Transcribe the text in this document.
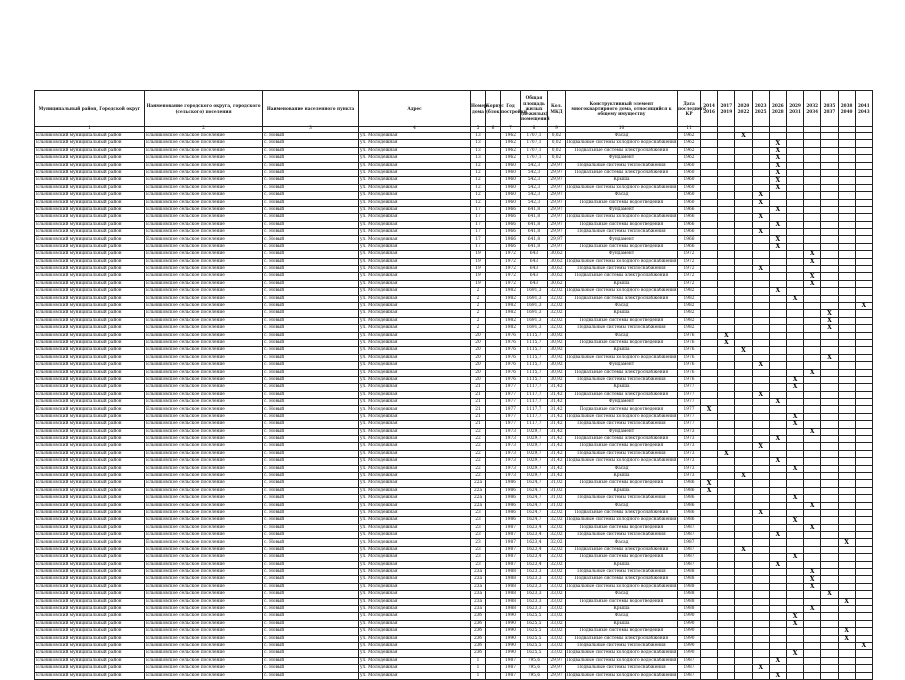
Муниципальный район, Городской округ	Наименование городского округа, городского (сельского) поселения	Наименование населенного пункта	Адрес	Номер дома	Корпус (блок)	Год постройки	Общая площадь жилых (нежилых) помещений	Кол. МКД	Конструктивный элемент многоквартирного дома, относящийся к общему имуществу	Дата последнего КР	2014 2016	2017 2019	2020 2022	2023 2025	2026 2028	2029 2031	2032 2034	2035 2037	2038 2040	2041 2043
1	2	3	4	5	6	7	8	9	10	11										
Ельниковский муниципальный район	Ельниковское сельское поселение	с. Новый	ул. Молодежная	13		1962	1707,1	0,02	Фасад	1962			X							
Ельниковский муниципальный район	Ельниковское сельское поселение	с. Новый	ул. Молодежная	13		1962	1707,1	0,02	Подвальные системы холодного водоснабжения	1962					X					
Ельниковский муниципальный район	Ельниковское сельское поселение	с. Новый	ул. Молодежная	13		1962	1707,1	0,02	Подвальные системы электроснабжения	1962					X					
Ельниковский муниципальный район	Ельниковское сельское поселение	с. Новый	ул. Молодежная	13		1962	1707,1	0,02	Фундамент	1962					X					
Ельниковский муниципальный район	Ельниковское сельское поселение	с. Новый	ул. Молодежная	12		1960	542,3	29,97	Подвальные системы теплоснабжения	1960					X					
Ельниковский муниципальный район	Ельниковское сельское поселение	с. Новый	ул. Молодежная	12		1960	542,3	29,97	Подвальные системы электроснабжения	1960					X					
Ельниковский муниципальный район	Ельниковское сельское поселение	с. Новый	ул. Молодежная	12		1960	542,3	29,97	Крыша	1960					X					
Ельниковский муниципальный район	Ельниковское сельское поселение	с. Новый	ул. Молодежная	12		1960	542,3	29,97	Подвальные системы холодного водоснабжения	1960					X					
Ельниковский муниципальный район	Ельниковское сельское поселение	с. Новый	ул. Молодежная	12		1960	542,3	29,97	Фасад	1960				X						
Ельниковский муниципальный район	Ельниковское сельское поселение	с. Новый	ул. Молодежная	12		1960	542,3	29,97	Подвальные системы водоотведения	1960				X						
Ельниковский муниципальный район	Ельниковское сельское поселение	с. Новый	ул. Молодежная	17		1966	641,8	29,97	Фундамент	1966					X					
Ельниковский муниципальный район	Ельниковское сельское поселение	с. Новый	ул. Молодежная	17		1966	641,8	29,97	Подвальные системы холодного водоснабжения	1966				X						
Ельниковский муниципальный район	Ельниковское сельское поселение	с. Новый	ул. Молодежная	17		1966	641,8	29,97	Подвальные системы водоотведения	1966					X					
Ельниковский муниципальный район	Ельниковское сельское поселение	с. Новый	ул. Молодежная	17		1966	641,8	29,97	Подвальные системы теплоснабжения	1966				X						
Ельниковский муниципальный район	Ельниковское сельское поселение	с. Новый	ул. Молодежная	17		1966	641,8	29,97	Фундамент	1966					X					
Ельниковский муниципальный район	Ельниковское сельское поселение	с. Новый	ул. Молодежная	17		1966	641,8	29,97	Подвальные системы водоотведения	1966					X					
Ельниковский муниципальный район	Ельниковское сельское поселение	с. Новый	ул. Молодежная	19		1972	643	30,62	Фундамент	1972							X			
Ельниковский муниципальный район	Ельниковское сельское поселение	с. Новый	ул. Молодежная	19		1972	643	30,62	Подвальные системы холодного водоснабжения	1972							X			
Ельниковский муниципальный район	Ельниковское сельское поселение	с. Новый	ул. Молодежная	19		1972	643	30,62	Подвальные системы теплоснабжения	1972				X						
Ельниковский муниципальный район	Ельниковское сельское поселение	с. Новый	ул. Молодежная	19		1972	643	30,62	Подвальные системы электроснабжения	1972							X			
Ельниковский муниципальный район	Ельниковское сельское поселение	с. Новый	ул. Молодежная	19		1972	643	30,62	Крыша	1972							X			
Ельниковский муниципальный район	Ельниковское сельское поселение	с. Новый	ул. Молодежная	2		1982	1691,3	32,02	Подвальные системы холодного водоснабжения	1982					X					
Ельниковский муниципальный район	Ельниковское сельское поселение	с. Новый	ул. Молодежная	2		1982	1691,3	32,02	Подвальные системы электроснабжения	1982						X				
Ельниковский муниципальный район	Ельниковское сельское поселение	с. Новый	ул. Молодежная	2		1982	1691,3	32,02	Фасад	1982										X
Ельниковский муниципальный район	Ельниковское сельское поселение	с. Новый	ул. Молодежная	2		1982	1691,3	32,02	Крыша	1982								X		
Ельниковский муниципальный район	Ельниковское сельское поселение	с. Новый	ул. Молодежная	2		1982	1691,3	32,02	Подвальные системы водоотведения	1982								X		
Ельниковский муниципальный район	Ельниковское сельское поселение	с. Новый	ул. Молодежная	2		1982	1691,3	32,02	Подвальные системы теплоснабжения	1982								X		
Ельниковский муниципальный район	Ельниковское сельское поселение	с. Новый	ул. Молодежная	20		1976	1115,7	30,92	Фасад	1976		X								
Ельниковский муниципальный район	Ельниковское сельское поселение	с. Новый	ул. Молодежная	20		1976	1115,7	30,92	Подвальные системы водоотведения	1976		X								
Ельниковский муниципальный район	Ельниковское сельское поселение	с. Новый	ул. Молодежная	20		1976	1115,7	30,92	Крыша	1976			X							
Ельниковский муниципальный район	Ельниковское сельское поселение	с. Новый	ул. Молодежная	20		1976	1115,7	30,92	Подвальные системы холодного водоснабжения	1976								X		
Ельниковский муниципальный район	Ельниковское сельское поселение	с. Новый	ул. Молодежная	20		1976	1115,7	30,92	Фундамент	1976				X						
Ельниковский муниципальный район	Ельниковское сельское поселение	с. Новый	ул. Молодежная	20		1976	1115,7	30,92	Подвальные системы электроснабжения	1976							X			
Ельниковский муниципальный район	Ельниковское сельское поселение	с. Новый	ул. Молодежная	20		1976	1115,7	30,92	Подвальные системы теплоснабжения	1976						X				
Ельниковский муниципальный район	Ельниковское сельское поселение	с. Новый	ул. Молодежная	21		1977	1117,7	31,42	Крыша	1977						X				
Ельниковский муниципальный район	Ельниковское сельское поселение	с. Новый	ул. Молодежная	21		1977	1117,7	31,42	Подвальные системы электроснабжения	1977				X						
Ельниковский муниципальный район	Ельниковское сельское поселение	с. Новый	ул. Молодежная	21		1977	1117,7	31,42	Фундамент	1977					X					
Ельниковский муниципальный район	Ельниковское сельское поселение	с. Новый	ул. Молодежная	21		1977	1117,7	31,42	Подвальные системы водоотведения	1977	X									
Ельниковский муниципальный район	Ельниковское сельское поселение	с. Новый	ул. Молодежная	21		1977	1117,7	31,42	Подвальные системы холодного водоснабжения	1977						X				
Ельниковский муниципальный район	Ельниковское сельское поселение	с. Новый	ул. Молодежная	21		1977	1117,7	31,42	Подвальные системы теплоснабжения	1977						X				
Ельниковский муниципальный район	Ельниковское сельское поселение	с. Новый	ул. Молодежная	22		1973	1029,7	31,42	Фундамент	1973							X			
Ельниковский муниципальный район	Ельниковское сельское поселение	с. Новый	ул. Молодежная	22		1973	1029,7	31,42	Подвальные системы электроснабжения	1973					X					
Ельниковский муниципальный район	Ельниковское сельское поселение	с. Новый	ул. Молодежная	22		1973	1029,7	31,42	Подвальные системы водоотведения	1973				X						
Ельниковский муниципальный район	Ельниковское сельское поселение	с. Новый	ул. Молодежная	22		1973	1029,7	31,42	Подвальные системы теплоснабжения	1973		X								
Ельниковский муниципальный район	Ельниковское сельское поселение	с. Новый	ул. Молодежная	22		1973	1029,7	31,42	Подвальные системы холодного водоснабжения	1973					X					
Ельниковский муниципальный район	Ельниковское сельское поселение	с. Новый	ул. Молодежная	22		1973	1029,7	31,42	Фасад	1973						X				
Ельниковский муниципальный район	Ельниковское сельское поселение	с. Новый	ул. Молодежная	22		1973	1029,7	31,42	Крыша	1973			X							
Ельниковский муниципальный район	Ельниковское сельское поселение	с. Новый	ул. Молодежная	22а		1986	1624,7	31,02	Подвальные системы водоотведения	1986	X									
Ельниковский муниципальный район	Ельниковское сельское поселение	с. Новый	ул. Молодежная	22а		1986	1624,7	31,02	Крыша	1986	X									
Ельниковский муниципальный район	Ельниковское сельское поселение	с. Новый	ул. Молодежная	22а		1986	1624,7	31,02	Подвальные системы теплоснабжения	1986						X				
Ельниковский муниципальный район	Ельниковское сельское поселение	с. Новый	ул. Молодежная	22а		1986	1624,7	31,02	Фасад	1986							X			
Ельниковский муниципальный район	Ельниковское сельское поселение	с. Новый	ул. Молодежная	23		1986	1624,7	32,02	Подвальные системы электроснабжения	1986				X						
Ельниковский муниципальный район	Ельниковское сельское поселение	с. Новый	ул. Молодежная	23		1986	1624,7	32,02	Подвальные системы холодного водоснабжения	1986						X				
Ельниковский муниципальный район	Ельниковское сельское поселение	с. Новый	ул. Молодежная	23		1987	1623,4	32,02	Подвальные системы водоотведения	1987							X			
Ельниковский муниципальный район	Ельниковское сельское поселение	с. Новый	ул. Молодежная	23		1987	1623,4	32,02	Подвальные системы теплоснабжения	1987					X					
Ельниковский муниципальный район	Ельниковское сельское поселение	с. Новый	ул. Молодежная	23		1987	1623,4	32,02	Фасад	1987									X	
Ельниковский муниципальный район	Ельниковское сельское поселение	с. Новый	ул. Молодежная	23		1987	1623,4	32,02	Подвальные системы электроснабжения	1987			X							
Ельниковский муниципальный район	Ельниковское сельское поселение	с. Новый	ул. Молодежная	23		1987	1623,4	32,02	Подвальные системы водоотведения	1987						X				
Ельниковский муниципальный район	Ельниковское сельское поселение	с. Новый	ул. Молодежная	23		1987	1623,4	32,02	Крыша	1987					X					
Ельниковский муниципальный район	Ельниковское сельское поселение	с. Новый	ул. Молодежная	23а		1988	1623,3	33,02	Подвальные системы теплоснабжения	1988							X			
Ельниковский муниципальный район	Ельниковское сельское поселение	с. Новый	ул. Молодежная	23а		1988	1623,3	33,02	Подвальные системы электроснабжения	1988							X			
Ельниковский муниципальный район	Ельниковское сельское поселение	с. Новый	ул. Молодежная	23а		1988	1623,3	33,02	Подвальные системы холодного водоснабжения	1988							X			
Ельниковский муниципальный район	Ельниковское сельское поселение	с. Новый	ул. Молодежная	23а		1988	1623,3	33,02	Фасад	1988								X		
Ельниковский муниципальный район	Ельниковское сельское поселение	с. Новый	ул. Молодежная	23а		1988	1623,3	33,02	Подвальные системы водоотведения	1988									X	
Ельниковский муниципальный район	Ельниковское сельское поселение	с. Новый	ул. Молодежная	23а		1988	1623,3	33,02	Крыша	1988							X			
Ельниковский муниципальный район	Ельниковское сельское поселение	с. Новый	ул. Молодежная	23б		1990	1625,5	33,02	Фасад	1990						X				
Ельниковский муниципальный район	Ельниковское сельское поселение	с. Новый	ул. Молодежная	23б		1990	1625,5	33,02	Крыша	1990						X				
Ельниковский муниципальный район	Ельниковское сельское поселение	с. Новый	ул. Молодежная	23б		1990	1625,5	33,02	Подвальные системы водоотведения	1990									X	
Ельниковский муниципальный район	Ельниковское сельское поселение	с. Новый	ул. Молодежная	23б		1990	1625,5	33,02	Подвальные системы электроснабжения	1990									X	
Ельниковский муниципальный район	Ельниковское сельское поселение	с. Новый	ул. Молодежная	23б		1990	1625,5	33,02	Подвальные системы теплоснабжения	1990										X
Ельниковский муниципальный район	Ельниковское сельское поселение	с. Новый	ул. Молодежная	23б		1990	1625,5	33,02	Подвальные системы холодного водоснабжения	1990						X				
Ельниковский муниципальный район	Ельниковское сельское поселение	с. Новый	ул. Молодежная	1		1987	795,6	29,97	Подвальные системы холодного водоснабжения	1987					X					
Ельниковский муниципальный район	Ельниковское сельское поселение	с. Новый	ул. Молодежная	1		1987	795,6	29,97	Подвальные системы теплоснабжения	1987				X						
Ельниковский муниципальный район	Ельниковское сельское поселение	с. Новый	ул. Молодежная	1		1987	795,6	29,97	Подвальные системы холодного водоснабжения	1987					X					
